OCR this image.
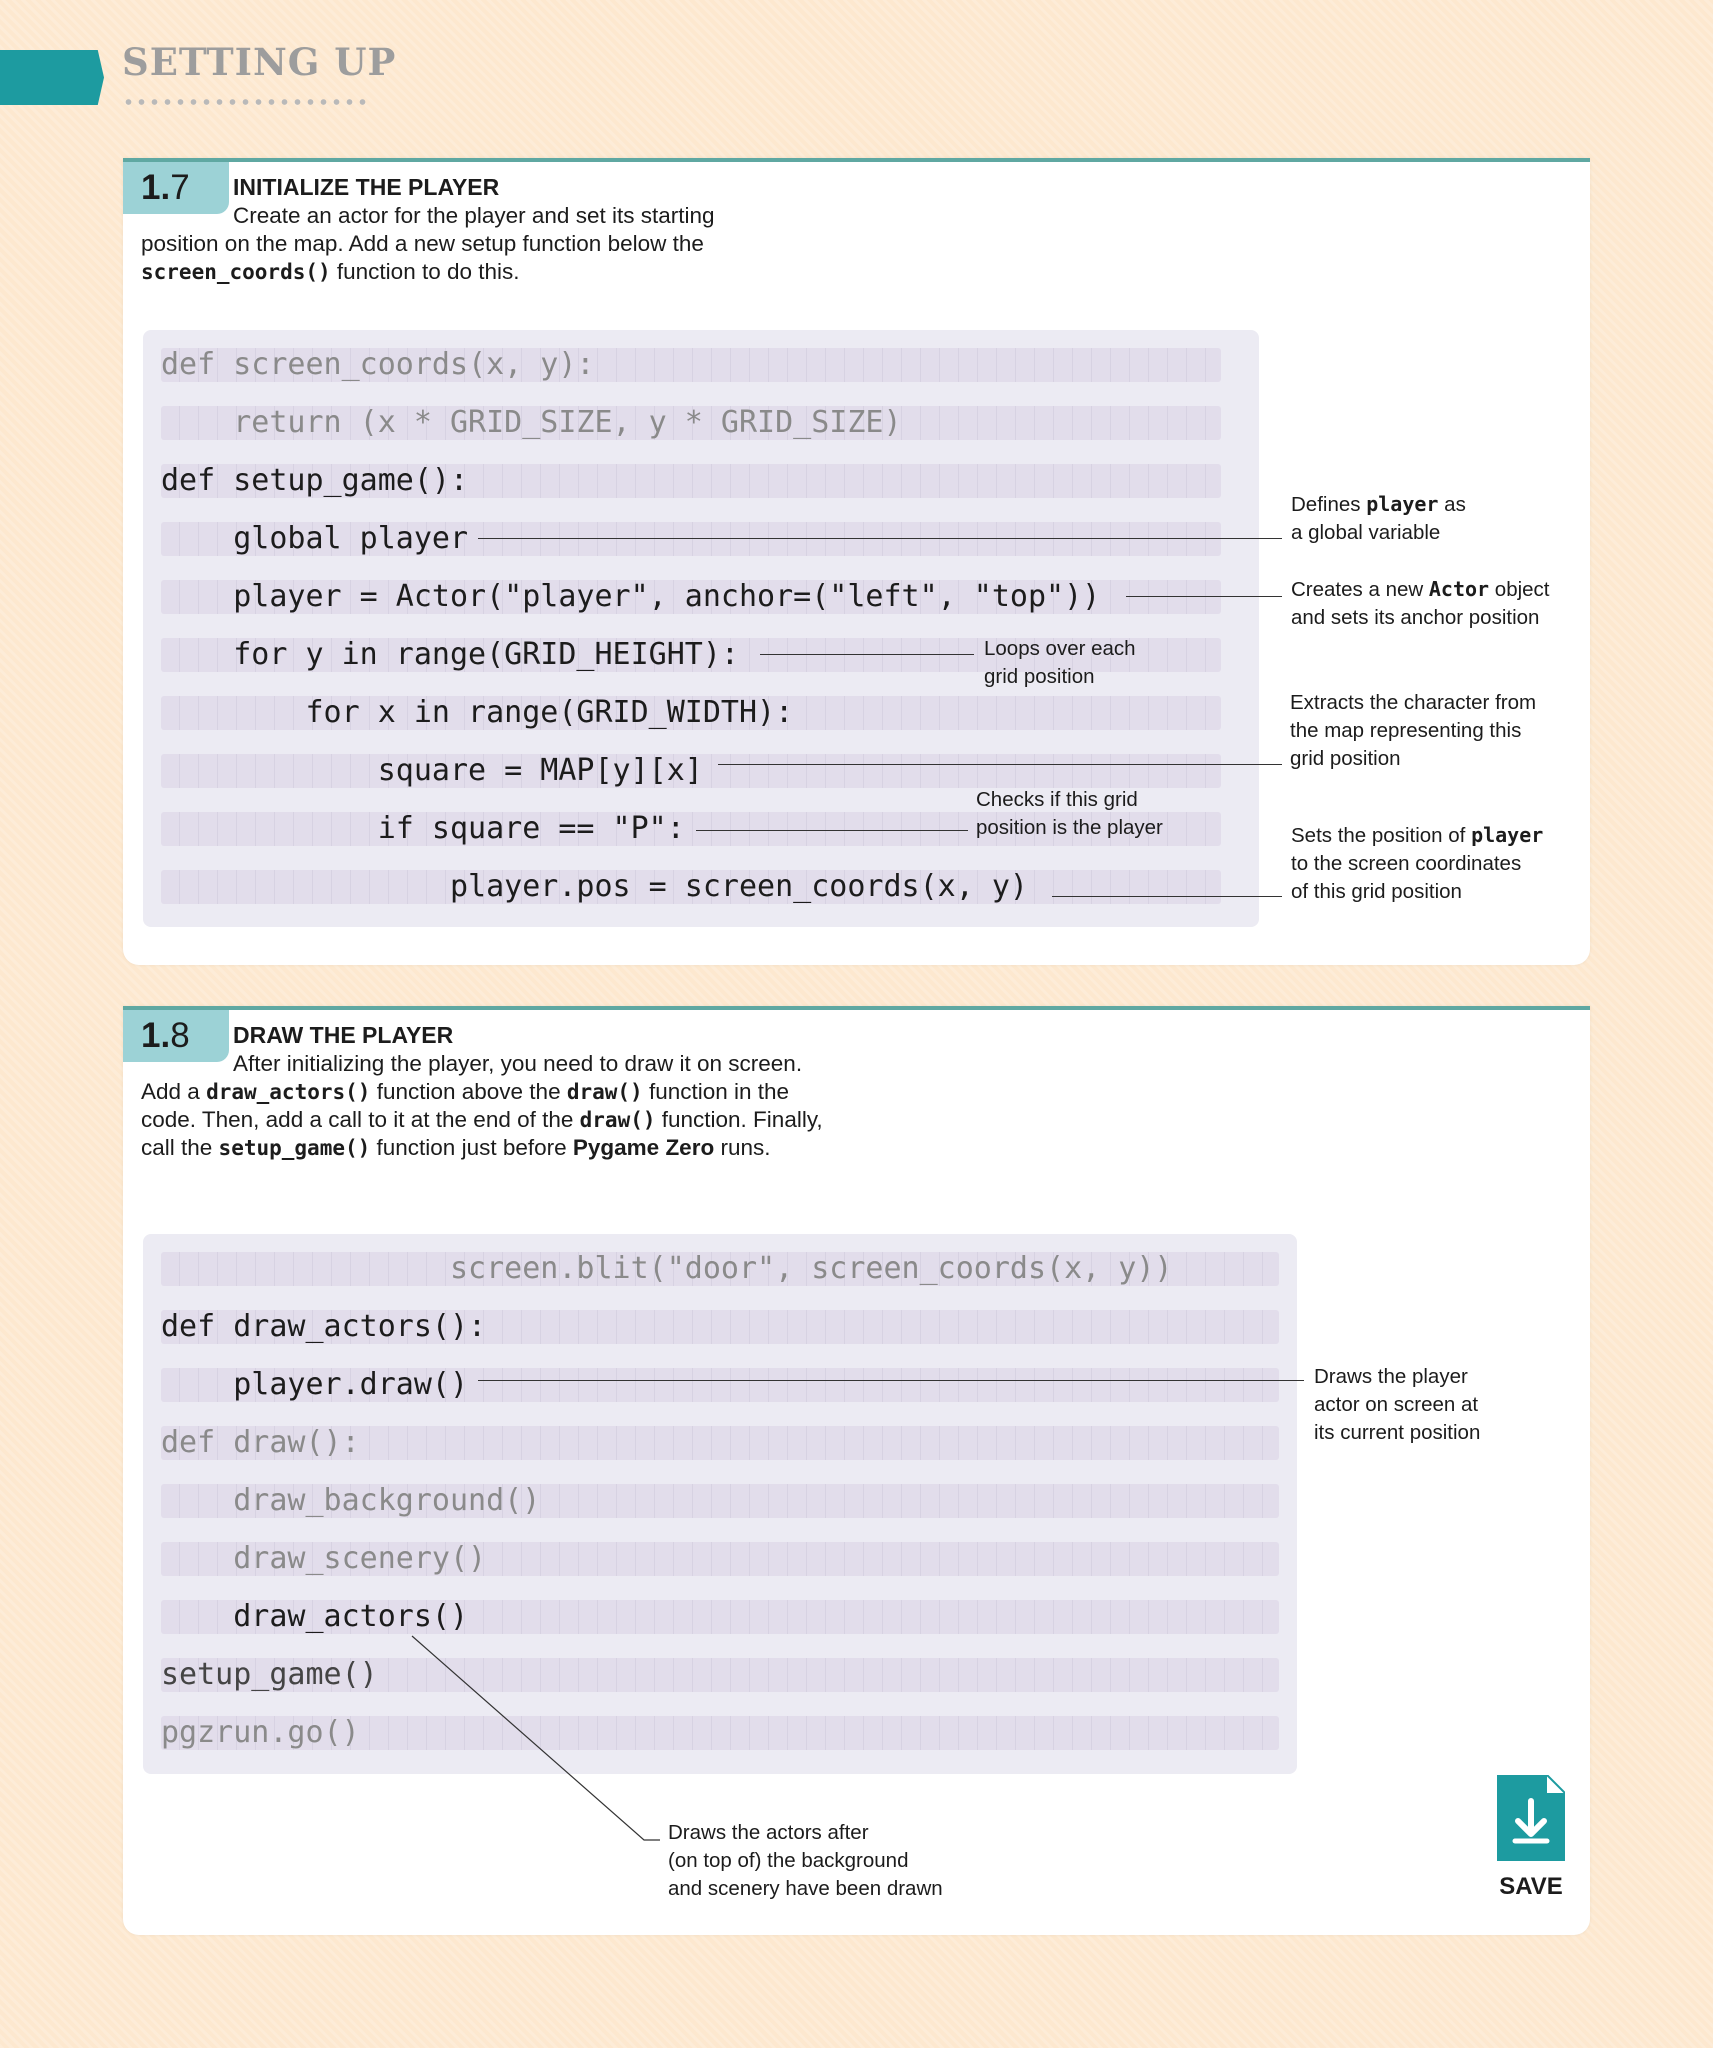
SETTING UP
1. 7 INITIALIZE THE PLAYER

Create an actor for the player and set its starting position on the map. Add a new setup function below the screen_coords() function to do this.

def screen_coords(x, y):
return (x * GRID_SIZE, y * GRID_SIZE)
def setup_game():
global player
player = Actor("player", anchor=("left", "top"))
for y in range(GRID_HEIGHT):
for x in range(GRID_WIDTH):
square = MAP[y][x]
if square == "P":
player.pos = screen_coords(x, y)
Defines player as
a global variable
Creates a new Actor object
and sets its anchor position
Loops over each
grid position
Extracts the character from
the map representing this
grid position
Checks if this grid
position is the player	Sets the position of player
to the screen coordinates
of this grid position
1. 8 DRAW THE PLAYER

After initializing the player, you need to draw it on screen. Add a draw_actors() function above the draw() function in the code. Then, add a call to it at the end of the draw() function. Finally, call the setup_game() function just before Pygame Zero runs.

screen.blit("door", screen_coords(x, y))
def draw_actors():
player.draw()
def draw():
draw_background()
draw_scenery()
draw_actors()
setup_game()
pgzrun.go()
Draws the player
actor on screen at
its current position
Draws the actors after
(on top of) the background
and scenery have been drawn	SAVE
